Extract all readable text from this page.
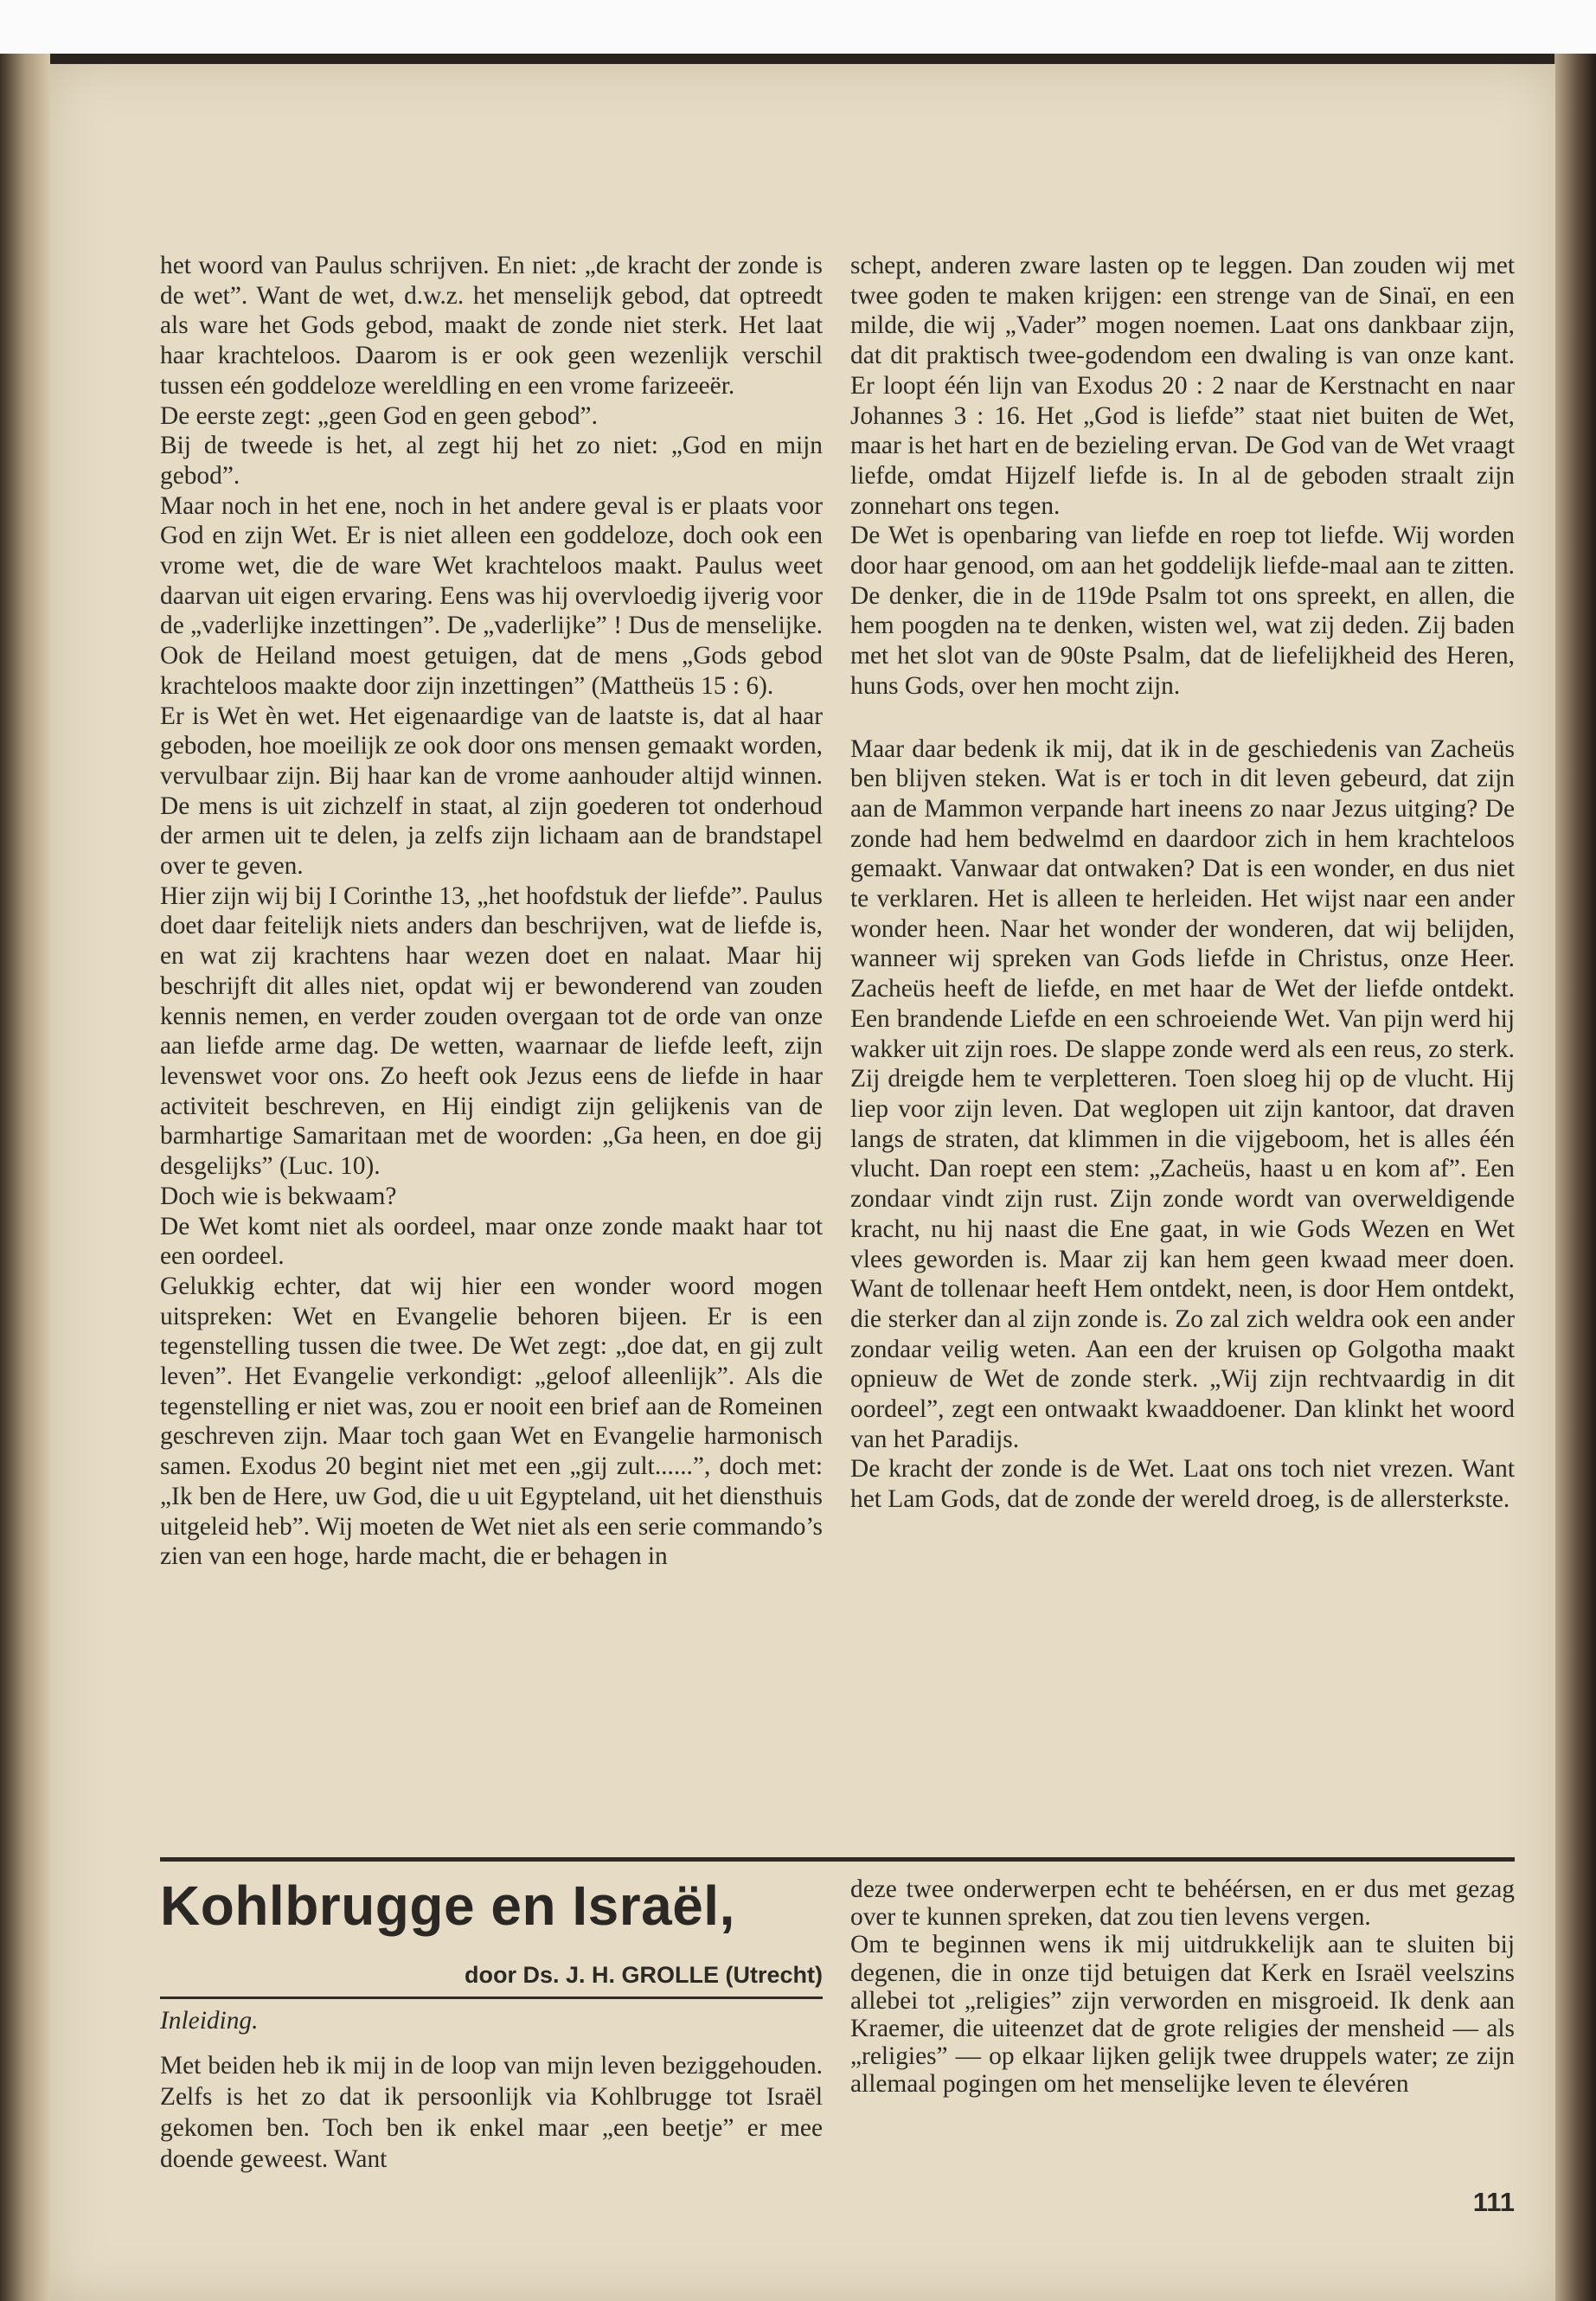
het woord van Paulus schrijven. En niet: „de kracht der zonde is de wet”. Want de wet, d.w.z. het menselijk gebod, dat optreedt als ware het Gods gebod, maakt de zonde niet sterk. Het laat haar krachteloos. Daarom is er ook geen wezenlijk verschil tussen eén goddeloze wereldling en een vrome farizeeër.

De eerste zegt: „geen God en geen gebod”.

Bij de tweede is het, al zegt hij het zo niet: „God en mijn gebod”.

Maar noch in het ene, noch in het andere geval is er plaats voor God en zijn Wet. Er is niet alleen een goddeloze, doch ook een vrome wet, die de ware Wet krachteloos maakt. Paulus weet daarvan uit eigen ervaring. Eens was hij overvloedig ijverig voor de „vaderlijke inzettingen”. De „vaderlijke” ! Dus de menselijke. Ook de Heiland moest getuigen, dat de mens „Gods gebod krachteloos maakte door zijn inzettingen” (Mattheüs 15 : 6).

Er is Wet èn wet. Het eigenaardige van de laatste is, dat al haar geboden, hoe moeilijk ze ook door ons mensen gemaakt worden, vervulbaar zijn. Bij haar kan de vrome aanhouder altijd winnen. De mens is uit zichzelf in staat, al zijn goederen tot onderhoud der armen uit te delen, ja zelfs zijn lichaam aan de brandstapel over te geven.

Hier zijn wij bij I Corinthe 13, „het hoofdstuk der liefde”. Paulus doet daar feitelijk niets anders dan beschrijven, wat de liefde is, en wat zij krachtens haar wezen doet en nalaat. Maar hij beschrijft dit alles niet, opdat wij er bewonderend van zouden kennis nemen, en verder zouden overgaan tot de orde van onze aan liefde arme dag. De wetten, waarnaar de liefde leeft, zijn levenswet voor ons. Zo heeft ook Jezus eens de liefde in haar activiteit beschreven, en Hij eindigt zijn gelijkenis van de barmhartige Samaritaan met de woorden: „Ga heen, en doe gij desgelijks” (Luc. 10).

Doch wie is bekwaam?

De Wet komt niet als oordeel, maar onze zonde maakt haar tot een oordeel.

Gelukkig echter, dat wij hier een wonder woord mogen uitspreken: Wet en Evangelie behoren bijeen. Er is een tegenstelling tussen die twee. De Wet zegt: „doe dat, en gij zult leven”. Het Evangelie verkondigt: „geloof alleenlijk”. Als die tegenstelling er niet was, zou er nooit een brief aan de Romeinen geschreven zijn. Maar toch gaan Wet en Evangelie harmonisch samen. Exodus 20 begint niet met een „gij zult......”, doch met: „Ik ben de Here, uw God, die u uit Egypteland, uit het diensthuis uitgeleid heb”. Wij moeten de Wet niet als een serie commando’s zien van een hoge, harde macht, die er behagen in

schept, anderen zware lasten op te leggen. Dan zouden wij met twee goden te maken krijgen: een strenge van de Sinaï, en een milde, die wij „Vader” mogen noemen. Laat ons dankbaar zijn, dat dit praktisch twee-godendom een dwaling is van onze kant. Er loopt één lijn van Exodus 20 : 2 naar de Kerstnacht en naar Johannes 3 : 16. Het „God is liefde” staat niet buiten de Wet, maar is het hart en de bezieling ervan. De God van de Wet vraagt liefde, omdat Hijzelf liefde is. In al de geboden straalt zijn zonnehart ons tegen.

De Wet is openbaring van liefde en roep tot liefde. Wij worden door haar genood, om aan het goddelijk liefde-maal aan te zitten. De denker, die in de 119de Psalm tot ons spreekt, en allen, die hem poogden na te denken, wisten wel, wat zij deden. Zij baden met het slot van de 90ste Psalm, dat de liefelijkheid des Heren, huns Gods, over hen mocht zijn.

Maar daar bedenk ik mij, dat ik in de geschiedenis van Zacheüs ben blijven steken. Wat is er toch in dit leven gebeurd, dat zijn aan de Mammon verpande hart ineens zo naar Jezus uitging? De zonde had hem bedwelmd en daardoor zich in hem krachteloos gemaakt. Vanwaar dat ontwaken? Dat is een wonder, en dus niet te verklaren. Het is alleen te herleiden. Het wijst naar een ander wonder heen. Naar het wonder der wonderen, dat wij belijden, wanneer wij spreken van Gods liefde in Christus, onze Heer. Zacheüs heeft de liefde, en met haar de Wet der liefde ontdekt. Een brandende Liefde en een schroeiende Wet. Van pijn werd hij wakker uit zijn roes. De slappe zonde werd als een reus, zo sterk. Zij dreigde hem te verpletteren. Toen sloeg hij op de vlucht. Hij liep voor zijn leven. Dat weglopen uit zijn kantoor, dat draven langs de straten, dat klimmen in die vijgeboom, het is alles één vlucht. Dan roept een stem: „Zacheüs, haast u en kom af”. Een zondaar vindt zijn rust. Zijn zonde wordt van overweldigende kracht, nu hij naast die Ene gaat, in wie Gods Wezen en Wet vlees geworden is. Maar zij kan hem geen kwaad meer doen. Want de tollenaar heeft Hem ontdekt, neen, is door Hem ontdekt, die sterker dan al zijn zonde is. Zo zal zich weldra ook een ander zondaar veilig weten. Aan een der kruisen op Golgotha maakt opnieuw de Wet de zonde sterk. „Wij zijn rechtvaardig in dit oordeel”, zegt een ontwaakt kwaaddoener. Dan klinkt het woord van het Paradijs.

De kracht der zonde is de Wet. Laat ons toch niet vrezen. Want het Lam Gods, dat de zonde der wereld droeg, is de allersterkste.

Kohlbrugge en Israël,
door Ds. J. H. GROLLE (Utrecht)
Inleiding.

Met beiden heb ik mij in de loop van mijn leven beziggehouden. Zelfs is het zo dat ik persoonlijk via Kohlbrugge tot Israël gekomen ben. Toch ben ik enkel maar „een beetje” er mee doende geweest. Want

deze twee onderwerpen echt te behéérsen, en er dus met gezag over te kunnen spreken, dat zou tien levens vergen.

Om te beginnen wens ik mij uitdrukkelijk aan te sluiten bij degenen, die in onze tijd betuigen dat Kerk en Israël veelszins allebei tot „religies” zijn verworden en misgroeid. Ik denk aan Kraemer, die uiteenzet dat de grote religies der mensheid — als „religies” — op elkaar lijken gelijk twee druppels water; ze zijn allemaal pogingen om het menselijke leven te élevéren

111
